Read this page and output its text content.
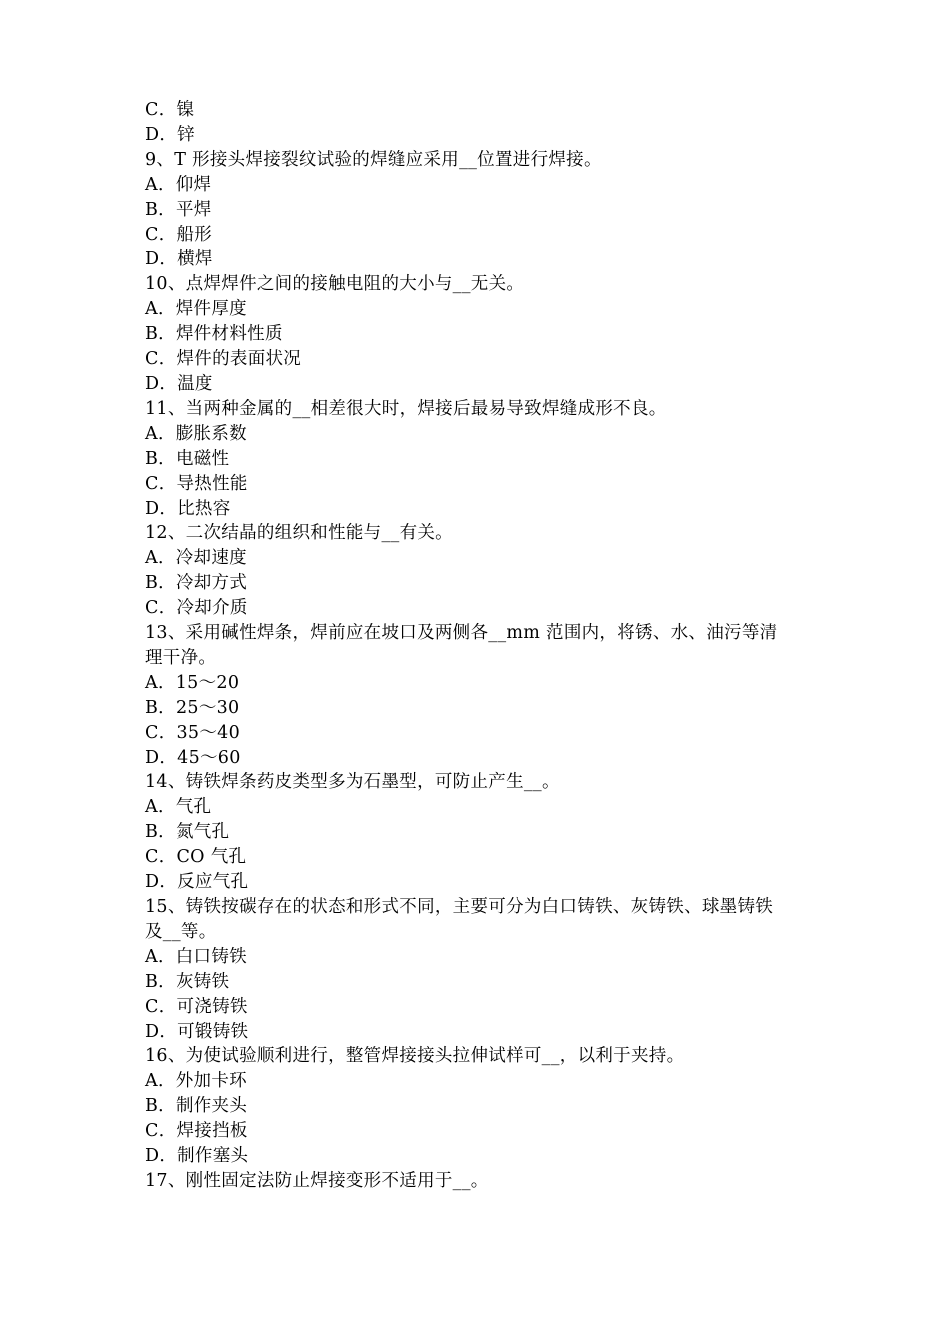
C．镍

D．锌

9、T 形接头焊接裂纹试验的焊缝应采用__位置进行焊接。

A．仰焊

B．平焊

C．船形

D．横焊

10、点焊焊件之间的接触电阻的大小与__无关。

A．焊件厚度

B．焊件材料性质

C．焊件的表面状况

D．温度

11、当两种金属的__相差很大时，焊接后最易导致焊缝成形不良。

A．膨胀系数

B．电磁性

C．导热性能

D．比热容

12、二次结晶的组织和性能与__有关。

A．冷却速度

B．冷却方式

C．冷却介质

13、采用碱性焊条，焊前应在坡口及两侧各__mm 范围内，将锈、水、油污等清

理干净。

A．15～20

B．25～30

C．35～40

D．45～60

14、铸铁焊条药皮类型多为石墨型，可防止产生__。

A．气孔

B．氮气孔

C．CO 气孔

D．反应气孔

15、铸铁按碳存在的状态和形式不同，主要可分为白口铸铁、灰铸铁、球墨铸铁

及__等。

A．白口铸铁

B．灰铸铁

C．可浇铸铁

D．可锻铸铁

16、为使试验顺利进行，整管焊接接头拉伸试样可__，以利于夹持。

A．外加卡环

B．制作夹头

C．焊接挡板

D．制作塞头

17、刚性固定法防止焊接变形不适用于__。
